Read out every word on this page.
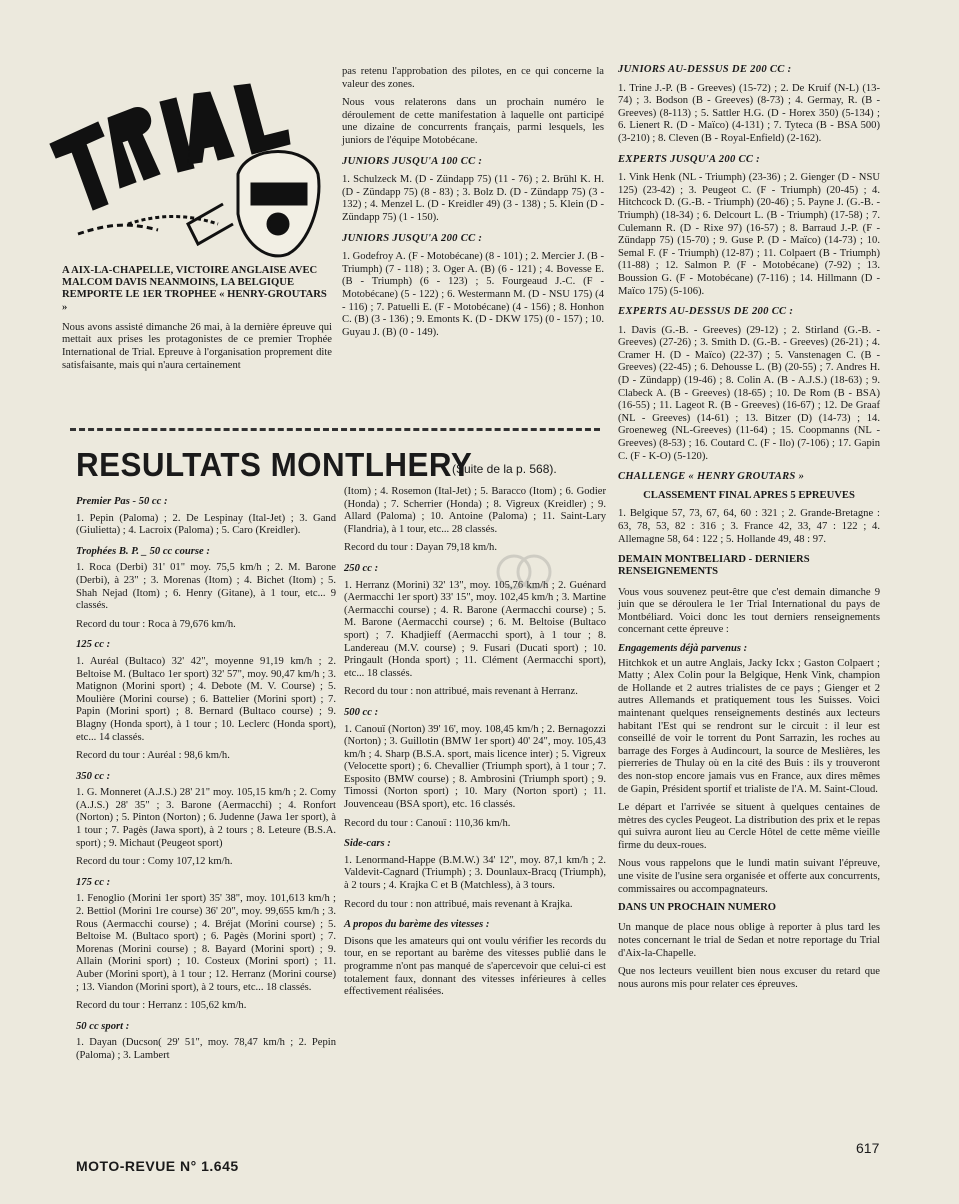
A AIX-LA-CHAPELLE, VICTOIRE ANGLAISE AVEC MALCOM DAVIS NEANMOINS, LA BELGIQUE REMPORTE LE 1ER TROPHEE « HENRY-GROUTARS »

Nous avons assisté dimanche 26 mai, à la dernière épreuve qui mettait aux prises les protagonistes de ce premier Trophée International de Trial. Epreuve à l'organisation proprement dite satisfaisante, mais qui n'aura certainement

pas retenu l'approbation des pilotes, en ce qui concerne la valeur des zones.

Nous vous relaterons dans un prochain numéro le déroulement de cette manifestation à laquelle ont participé une dizaine de concurrents français, parmi lesquels, les juniors de l'équipe Motobécane.

JUNIORS JUSQU'A 100 CC :

1. Schulzeck M. (D - Zündapp 75) (11 - 76) ; 2. Brühl K. H. (D - Zündapp 75) (8 - 83) ; 3. Bolz D. (D - Zündapp 75) (3 - 132) ; 4. Menzel L. (D - Kreidler 49) (3 - 138) ; 5. Klein (D - Zündapp 75) (1 - 150).

JUNIORS JUSQU'A 200 CC :

1. Godefroy A. (F - Motobécane) (8 - 101) ; 2. Mercier J. (B - Triumph) (7 - 118) ; 3. Oger A. (B) (6 - 121) ; 4. Bovesse E. (B - Triumph) (6 - 123) ; 5. Fourgeaud J.-C. (F - Motobécane) (5 - 122) ; 6. Westermann M. (D - NSU 175) (4 - 116) ; 7. Patuelli E. (F - Motobécane) (4 - 156) ; 8. Honhon C. (B) (3 - 136) ; 9. Emonts K. (D - DKW 175) (0 - 157) ; 10. Guyau J. (B) (0 - 149).

RESULTATS MONTLHERY
(Suite de la p. 568).
Premier Pas - 50 cc :

1. Pepin (Paloma) ; 2. De Lespinay (Ital-Jet) ; 3. Gand (Giulietta) ; 4. Lacroix (Paloma) ; 5. Caro (Kreidler).

Trophées B. P. _ 50 cc course :

1. Roca (Derbi) 31' 01" moy. 75,5 km/h ; 2. M. Barone (Derbi), à 23" ; 3. Morenas (Itom) ; 4. Bichet (Itom) ; 5. Shah Nejad (Itom) ; 6. Henry (Gitane), à 1 tour, etc... 9 classés.

Record du tour : Roca à 79,676 km/h.

125 cc :

1. Auréal (Bultaco) 32' 42", moyenne 91,19 km/h ; 2. Beltoise M. (Bultaco 1er sport) 32' 57", moy. 90,47 km/h ; 3. Matignon (Morini sport) ; 4. Debote (M. V. Course) ; 5. Moulière (Morini course) ; 6. Battelier (Morini sport) ; 7. Papin (Morini sport) ; 8. Bernard (Bultaco course) ; 9. Blagny (Honda sport), à 1 tour ; 10. Leclerc (Honda sport), etc... 14 classés.

Record du tour : Auréal : 98,6 km/h.

350 cc :

1. G. Monneret (A.J.S.) 28' 21" moy. 105,15 km/h ; 2. Comy (A.J.S.) 28' 35" ; 3. Barone (Aermacchi) ; 4. Ronfort (Norton) ; 5. Pinton (Norton) ; 6. Judenne (Jawa 1er sport), à 1 tour ; 7. Pagès (Jawa sport), à 2 tours ; 8. Leteure (B.S.A. sport) ; 9. Michaut (Peugeot sport)

Record du tour : Comy 107,12 km/h.

175 cc :

1. Fenoglio (Morini 1er sport) 35' 38", moy. 101,613 km/h ; 2. Bettiol (Morini 1re course) 36' 20", moy. 99,655 km/h ; 3. Rous (Aermacchi course) ; 4. Bréjat (Morini course) ; 5. Beltoise M. (Bultaco sport) ; 6. Pagès (Morini sport) ; 7. Morenas (Morini course) ; 8. Bayard (Morini sport) ; 9. Allain (Morini sport) ; 10. Costeux (Morini sport) ; 11. Auber (Morini sport), à 1 tour ; 12. Herranz (Morini course) ; 13. Viandon (Morini sport), à 2 tours, etc... 18 classés.

Record du tour : Herranz : 105,62 km/h.

50 cc sport :

1. Dayan (Ducson( 29' 51", moy. 78,47 km/h ; 2. Pepin (Paloma) ; 3. Lambert

(Itom) ; 4. Rosemon (Ital-Jet) ; 5. Baracco (Itom) ; 6. Godier (Honda) ; 7. Scherrier (Honda) ; 8. Vigreux (Kreidler) ; 9. Allard (Paloma) ; 10. Antoine (Paloma) ; 11. Saint-Lary (Flandria), à 1 tour, etc... 28 classés.

Record du tour : Dayan 79,18 km/h.

250 cc :

1. Herranz (Morini) 32' 13", moy. 105,76 km/h ; 2. Guénard (Aermacchi 1er sport) 33' 15", moy. 102,45 km/h ; 3. Martine (Aermacchi course) ; 4. R. Barone (Aermacchi course) ; 5. M. Barone (Aermacchi course) ; 6. M. Beltoise (Bultaco sport) ; 7. Khadjieff (Aermacchi sport), à 1 tour ; 8. Landereau (M.V. course) ; 9. Fusari (Ducati sport) ; 10. Pringault (Honda sport) ; 11. Clément (Aermacchi sport), etc... 18 classés.

Record du tour : non attribué, mais revenant à Herranz.

500 cc :

1. Canouï (Norton) 39' 16', moy. 108,45 km/h ; 2. Bernagozzi (Norton) ; 3. Guillotin (BMW 1er sport) 40' 24", moy. 105,43 km/h ; 4. Sharp (B.S.A. sport, mais licence inter) ; 5. Vigreux (Velocette sport) ; 6. Chevallier (Triumph sport), à 1 tour ; 7. Esposito (BMW course) ; 8. Ambrosini (Triumph sport) ; 9. Timossi (Norton sport) ; 10. Mary (Norton sport) ; 11. Jouvenceau (BSA sport), etc. 16 classés.

Record du tour : Canouï : 110,36 km/h.

Side-cars :

1. Lenormand-Happe (B.M.W.) 34' 12", moy. 87,1 km/h ; 2. Valdevit-Cagnard (Triumph) ; 3. Dounlaux-Bracq (Triumph), à 2 tours ; 4. Krajka C et B (Matchless), à 3 tours.

Record du tour : non attribué, mais revenant à Krajka.

A propos du barème des vitesses :

Disons que les amateurs qui ont voulu vérifier les records du tour, en se reportant au barème des vitesses publié dans le programme n'ont pas manqué de s'apercevoir que celui-ci est totalement faux, donnant des vitesses inférieures à celles effectivement réalisées.

JUNIORS AU-DESSUS DE 200 CC :

1. Trine J.-P. (B - Greeves) (15-72) ; 2. De Kruif (N-L) (13-74) ; 3. Bodson (B - Greeves) (8-73) ; 4. Germay, R. (B - Greeves) (8-113) ; 5. Sattler H.G. (D - Horex 350) (5-134) ; 6. Lienert R. (D - Maïco) (4-131) ; 7. Tyteca (B - BSA 500) (3-210) ; 8. Cleven (B - Royal-Enfield) (2-162).

EXPERTS JUSQU'A 200 CC :

1. Vink Henk (NL - Triumph) (23-36) ; 2. Gienger (D - NSU 125) (23-42) ; 3. Peugeot C. (F - Triumph) (20-45) ; 4. Hitchcock D. (G.-B. - Triumph) (20-46) ; 5. Payne J. (G.-B. - Triumph) (18-34) ; 6. Delcourt L. (B - Triumph) (17-58) ; 7. Culemann R. (D - Rixe 97) (16-57) ; 8. Barraud J.-P. (F - Zündapp 75) (15-70) ; 9. Guse P. (D - Maïco) (14-73) ; 10. Semal F. (F - Triumph) (12-87) ; 11. Colpaert (B - Triumph) (11-88) ; 12. Salmon P. (F - Motobécane) (7-92) ; 13. Boussion G. (F - Motobécane) (7-116) ; 14. Hillmann (D - Maïco 175) (5-106).

EXPERTS AU-DESSUS DE 200 CC :

1. Davis (G.-B. - Greeves) (29-12) ; 2. Stirland (G.-B. - Greeves) (27-26) ; 3. Smith D. (G.-B. - Greeves) (26-21) ; 4. Cramer H. (D - Maïco) (22-37) ; 5. Vanstenagen C. (B - Greeves) (22-45) ; 6. Dehousse L. (B) (20-55) ; 7. Andres H. (D - Zündapp) (19-46) ; 8. Colin A. (B - A.J.S.) (18-63) ; 9. Clabeck A. (B - Greeves) (18-65) ; 10. De Rom (B - BSA) (16-55) ; 11. Lageot R. (B - Greeves) (16-67) ; 12. De Graaf (NL - Greeves) (14-61) ; 13. Bitzer (D) (14-73) ; 14. Groeneweg (NL-Greeves) (11-64) ; 15. Coopmanns (NL - Greeves) (8-53) ; 16. Coutard C. (F - Ilo) (7-106) ; 17. Gapin C. (F - K-O) (5-120).

CHALLENGE « HENRY GROUTARS »

CLASSEMENT FINAL APRES 5 EPREUVES

1. Belgique 57, 73, 67, 64, 60 : 321 ; 2. Grande-Bretagne : 63, 78, 53, 82 : 316 ; 3. France 42, 33, 47 : 122 ; 4. Allemagne 58, 64 : 122 ; 5. Hollande 49, 48 : 97.

DEMAIN MONTBELIARD - DERNIERS RENSEIGNEMENTS

Vous vous souvenez peut-être que c'est demain dimanche 9 juin que se déroulera le 1er Trial International du pays de Montbéliard. Voici donc les tout derniers renseignements concernant cette épreuve :

Engagements déjà parvenus :

Hitchkok et un autre Anglais, Jacky Ickx ; Gaston Colpaert ; Matty ; Alex Colin pour la Belgique, Henk Vink, champion de Hollande et 2 autres trialistes de ce pays ; Gienger et 2 autres Allemands et pratiquement tous les Suisses. Voici maintenant quelques renseignements destinés aux lecteurs habitant l'Est qui se rendront sur le circuit : il leur est conseillé de voir le torrent du Pont Sarrazin, les roches au barrage des Forges à Audincourt, la source de Meslières, les pierreries de Thulay où en la cité des Buis : ils y trouveront des non-stop encore jamais vus en France, aux dires mêmes de Gapin, Président sportif et trialiste de l'A. M. Saint-Cloud.

Le départ et l'arrivée se situent à quelques centaines de mètres des cycles Peugeot. La distribution des prix et le repas qui suivra auront lieu au Cercle Hôtel de cette même vieille firme du deux-roues.

Nous vous rappelons que le lundi matin suivant l'épreuve, une visite de l'usine sera organisée et offerte aux concurrents, commissaires ou accompagnateurs.

DANS UN PROCHAIN NUMERO

Un manque de place nous oblige à reporter à plus tard les notes concernant le trial de Sedan et notre reportage du Trial d'Aix-la-Chapelle.

Que nos lecteurs veuillent bien nous excuser du retard que nous aurons mis pour relater ces épreuves.

MOTO-REVUE N° 1.645
617
